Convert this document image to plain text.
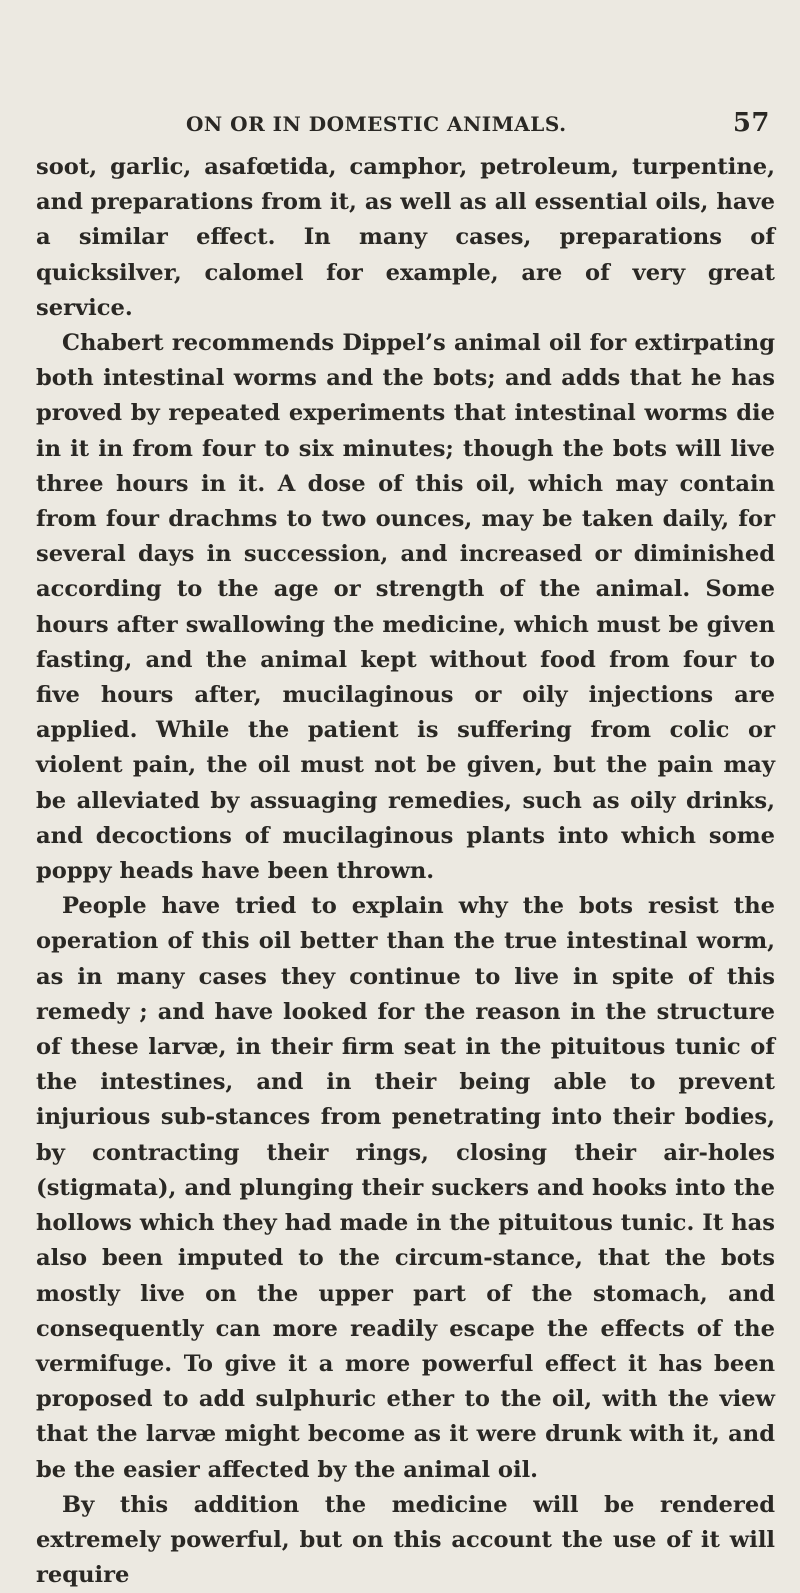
ON OR IN DOMESTIC ANIMALS.	57

soot, garlic, asafœtida, camphor, petroleum, turpentine, and preparations from it, as well as all essential oils, have a similar effect. In many cases, preparations of quicksilver, calomel for example, are of very great service.

Chabert recommends Dippel’s animal oil for extirpating both intestinal worms and the bots; and adds that he has proved by repeated experiments that intestinal worms die in it in from four to six minutes; though the bots will live three hours in it. A dose of this oil, which may contain from four drachms to two ounces, may be taken daily, for several days in succession, and increased or diminished according to the age or strength of the animal. Some hours after swallowing the medicine, which must be given fasting, and the animal kept without food from four to five hours after, mucilaginous or oily injections are applied. While the patient is suffering from colic or violent pain, the oil must not be given, but the pain may be alleviated by assuaging remedies, such as oily drinks, and decoctions of mucilaginous plants into which some poppy heads have been thrown.

People have tried to explain why the bots resist the operation of this oil better than the true intestinal worm, as in many cases they continue to live in spite of this remedy ; and have looked for the reason in the structure of these larvæ, in their firm seat in the pituitous tunic of the intestines, and in their being able to prevent injurious sub-stances from penetrating into their bodies, by contracting their rings, closing their air-holes (stigmata), and plunging their suckers and hooks into the hollows which they had made in the pituitous tunic. It has also been imputed to the circum-stance, that the bots mostly live on the upper part of the stomach, and consequently can more readily escape the effects of the vermifuge. To give it a more powerful effect it has been proposed to add sulphuric ether to the oil, with the view that the larvæ might become as it were drunk with it, and be the easier affected by the animal oil.

By this addition the medicine will be rendered extremely powerful, but on this account the use of it will require
